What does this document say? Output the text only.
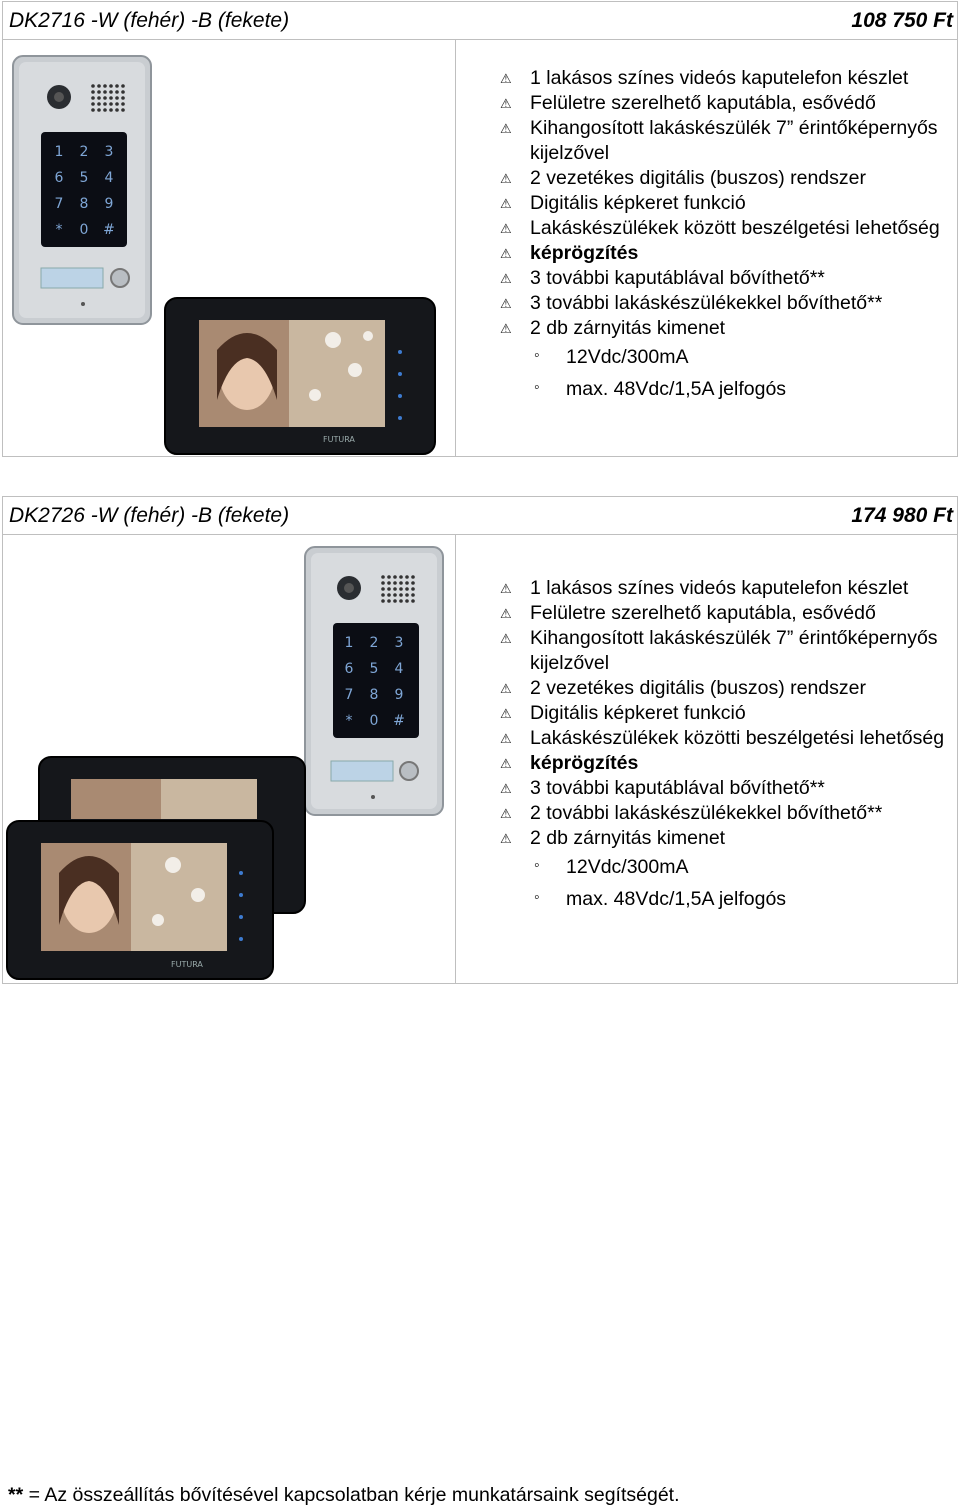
DK2716 -W (fehér) -B (fekete)	108 750 Ft
1 2 3
6 5 4
7 8 9
* 0 #
FUTURA
⚠ 1 lakásos színes videós kaputelefon készlet
⚠ Felületre szerelhető kaputábla, esővédő
⚠ Kihangosított lakáskészülék 7” érintőképernyős kijelzővel
⚠ 2 vezetékes digitális (buszos) rendszer
⚠ Digitális képkeret funkció
⚠ Lakáskészülékek között beszélgetési lehetőség
⚠ képrögzítés
⚠ 3 további kaputáblával bővíthető**
⚠ 3 további lakáskészülékekkel bővíthető**
⚠ 2 db zárnyitás kimenet
◦ 12Vdc/300mA
◦ max. 48Vdc/1,5A jelfogós
DK2726 -W (fehér) -B (fekete)	174 980 Ft
1 2 3
6 5 4
7 8 9
* 0 #
FUTURA
⚠ 1 lakásos színes videós kaputelefon készlet
⚠ Felületre szerelhető kaputábla, esővédő
⚠ Kihangosított lakáskészülék 7” érintőképernyős kijelzővel
⚠ 2 vezetékes digitális (buszos) rendszer
⚠ Digitális képkeret funkció
⚠ Lakáskészülékek közötti beszélgetési lehetőség
⚠ képrögzítés
⚠ 3 további kaputáblával bővíthető**
⚠ 2 további lakáskészülékekkel bővíthető**
⚠ 2 db zárnyitás kimenet
◦ 12Vdc/300mA
◦ max. 48Vdc/1,5A jelfogós
** = Az összeállítás bővítésével kapcsolatban kérje munkatársaink segítségét.
